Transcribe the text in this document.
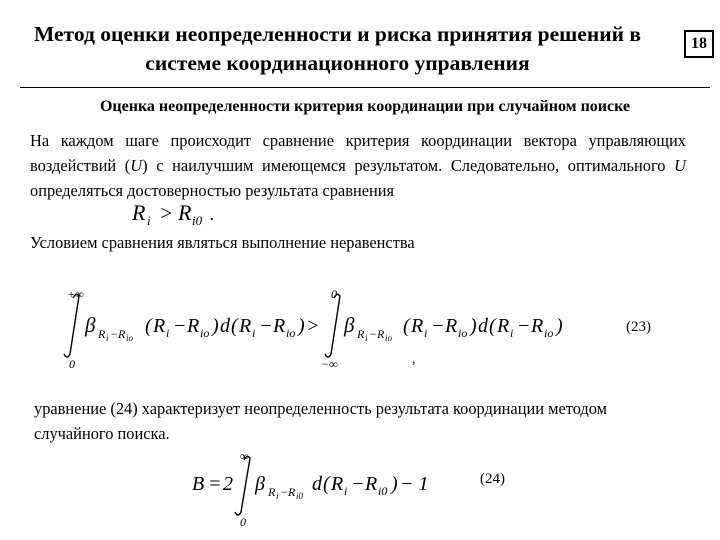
Метод оценки неопределенности и риска принятия решений в системе координационного управления
18
Оценка неопределенности критерия координации при случайном поиске
На каждом шаге происходит сравнение критерия координации вектора управляющих воздействий (U) с наилучшим имеющемся результатом. Следовательно, оптимального U определяться достоверностью результата сравнения
R i > R i0 .
Условием сравнения являться выполнение неравенства
+∞
0
β R i − R io
( R i − R io ) d ( R i − R io ) >
0
−∞
β R i − R io
( R i − R io ) d ( R i − R io )	(23)
,
уравнение (24) характеризует неопределенность результата координации методом случайного поиска.
B = 2
∞
0
β R i − R i0
d ( R i − R i0 ) − 1	(24)
